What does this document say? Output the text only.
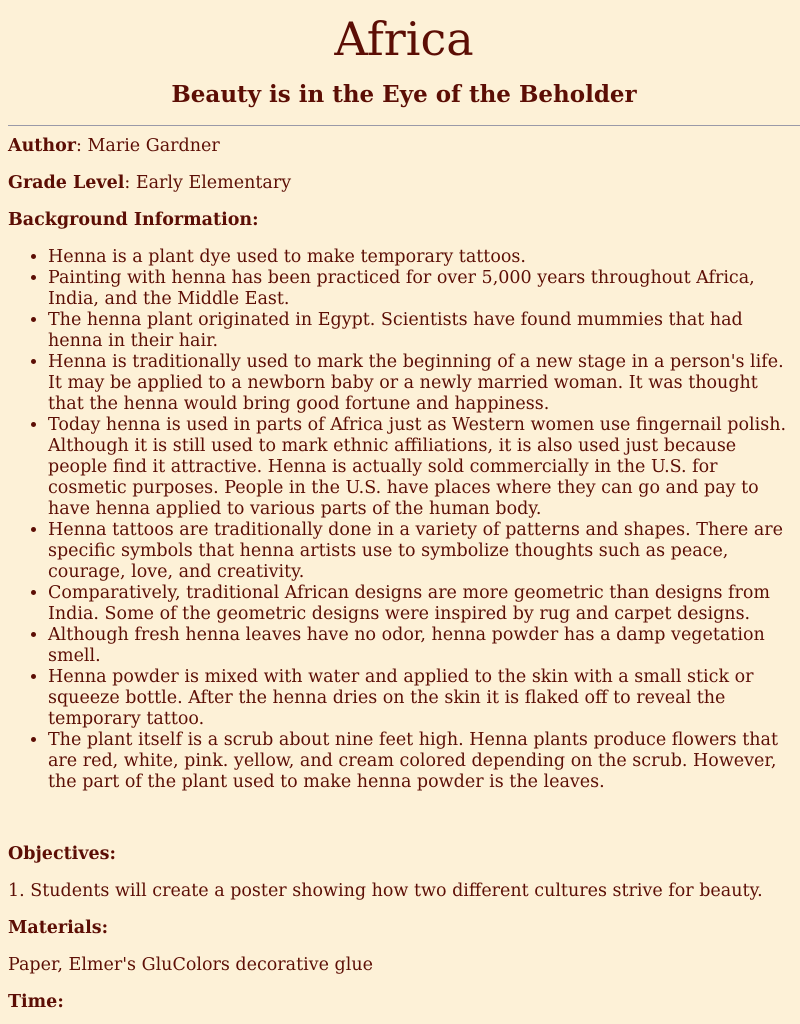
Africa
Beauty is in the Eye of the Beholder

Author: Marie Gardner

Grade Level: Early Elementary

Background Information:

• Henna is a plant dye used to make temporary tattoos.
• Painting with henna has been practiced for over 5,000 years throughout Africa,
India, and the Middle East.
• The henna plant originated in Egypt. Scientists have found mummies that had
henna in their hair.
• Henna is traditionally used to mark the beginning of a new stage in a person's life.
It may be applied to a newborn baby or a newly married woman. It was thought
that the henna would bring good fortune and happiness.
• Today henna is used in parts of Africa just as Western women use fingernail polish.
Although it is still used to mark ethnic affiliations, it is also used just because
people find it attractive. Henna is actually sold commercially in the U.S. for
cosmetic purposes. People in the U.S. have places where they can go and pay to
have henna applied to various parts of the human body.
• Henna tattoos are traditionally done in a variety of patterns and shapes. There are
specific symbols that henna artists use to symbolize thoughts such as peace,
courage, love, and creativity.
• Comparatively, traditional African designs are more geometric than designs from
India. Some of the geometric designs were inspired by rug and carpet designs.
• Although fresh henna leaves have no odor, henna powder has a damp vegetation
smell.
• Henna powder is mixed with water and applied to the skin with a small stick or
squeeze bottle. After the henna dries on the skin it is flaked off to reveal the
temporary tattoo.
• The plant itself is a scrub about nine feet high. Henna plants produce flowers that
are red, white, pink. yellow, and cream colored depending on the scrub. However,
the part of the plant used to make henna powder is the leaves.

Objectives:

1. Students will create a poster showing how two different cultures strive for beauty.

Materials:

Paper, Elmer's GluColors decorative glue

Time:
